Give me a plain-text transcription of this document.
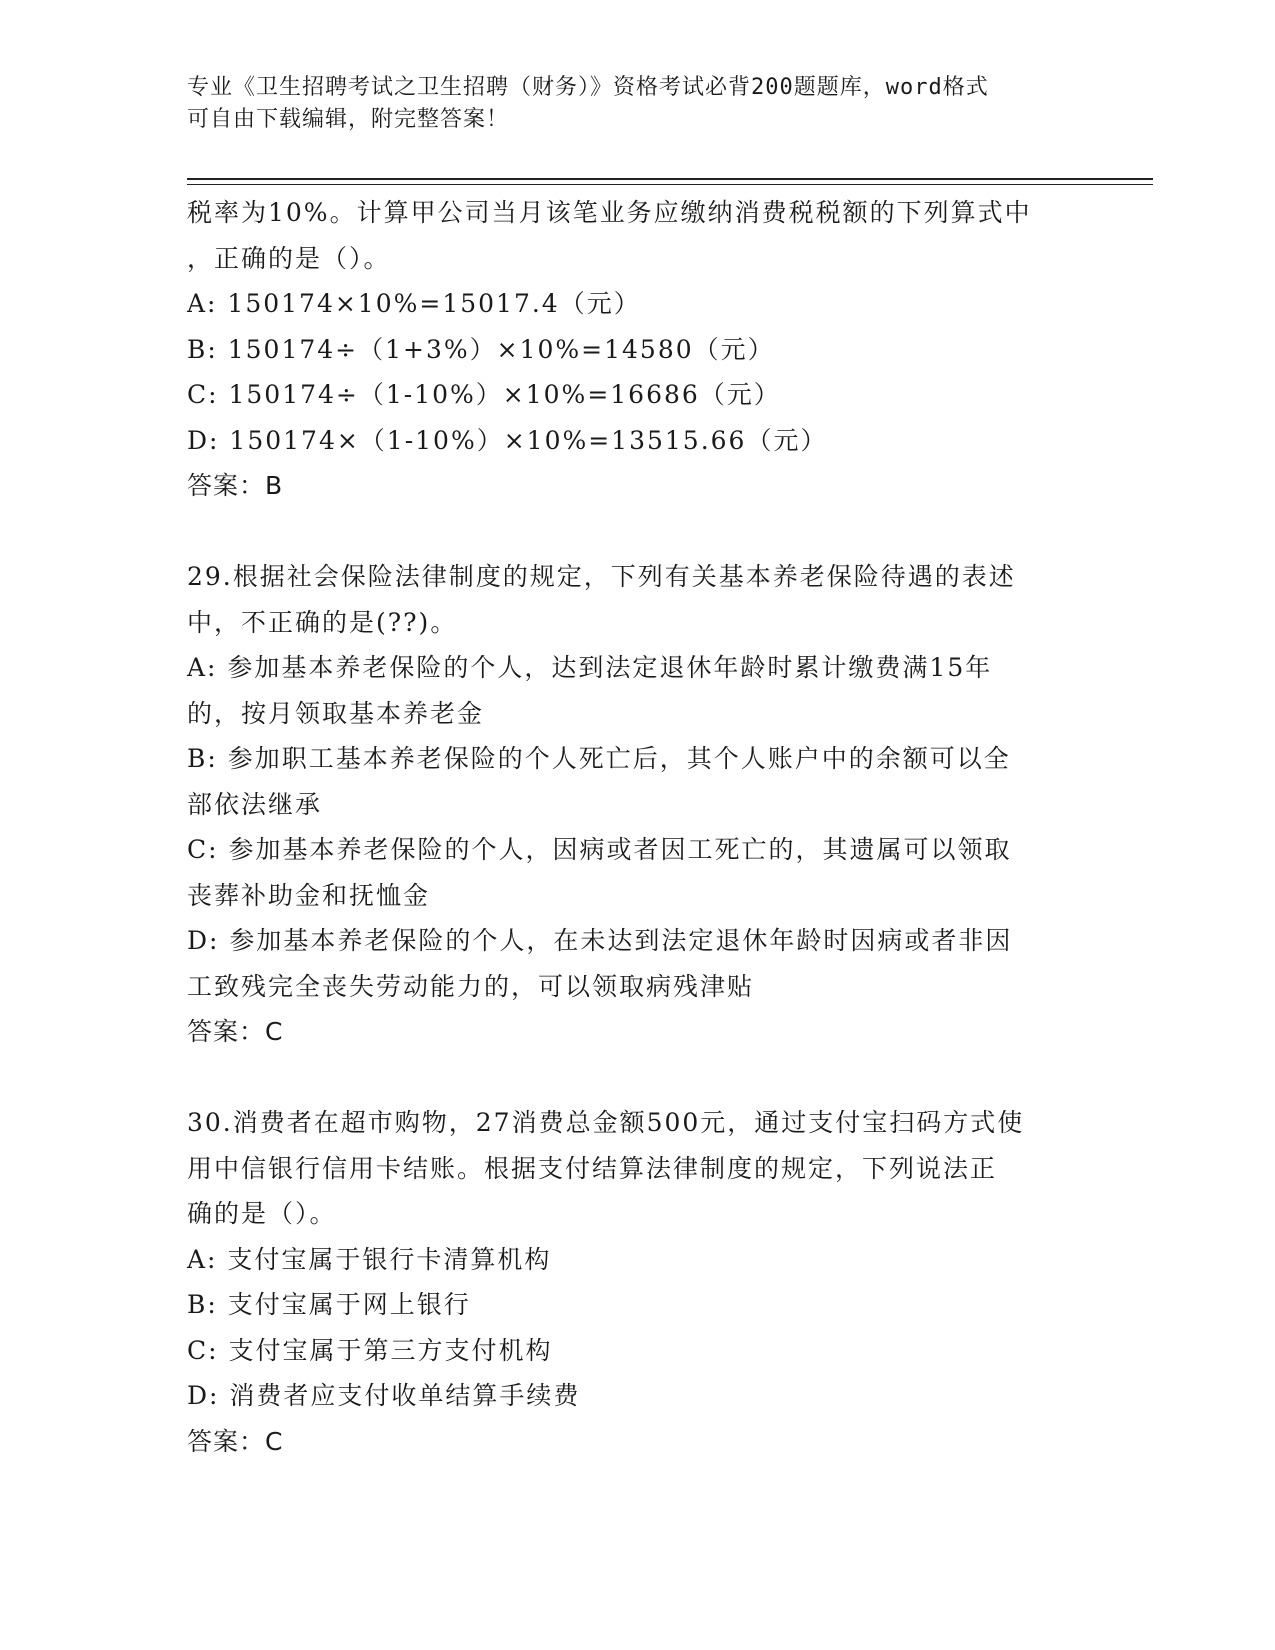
专业《卫生招聘考试之卫生招聘（财务）》资格考试必背200题题库，word格式
可自由下载编辑，附完整答案！

税率为10%。计算甲公司当月该笔业务应缴纳消费税税额的下列算式中

，正确的是（）。

A: 150174×10%=15017.4（元）

B: 150174÷（1+3%）×10%=14580（元）

C: 150174÷（1-10%）×10%=16686（元）

D: 150174×（1-10%）×10%=13515.66（元）

答案：B

29.根据社会保险法律制度的规定，下列有关基本养老保险待遇的表述

中，不正确的是(??)。

A: 参加基本养老保险的个人，达到法定退休年龄时累计缴费满15年

的，按月领取基本养老金

B: 参加职工基本养老保险的个人死亡后，其个人账户中的余额可以全

部依法继承

C: 参加基本养老保险的个人，因病或者因工死亡的，其遗属可以领取

丧葬补助金和抚恤金

D: 参加基本养老保险的个人，在未达到法定退休年龄时因病或者非因

工致残完全丧失劳动能力的，可以领取病残津贴

答案：C

30.消费者在超市购物，27消费总金额500元，通过支付宝扫码方式使

用中信银行信用卡结账。根据支付结算法律制度的规定，下列说法正

确的是（）。

A: 支付宝属于银行卡清算机构

B: 支付宝属于网上银行

C: 支付宝属于第三方支付机构

D: 消费者应支付收单结算手续费

答案：C
